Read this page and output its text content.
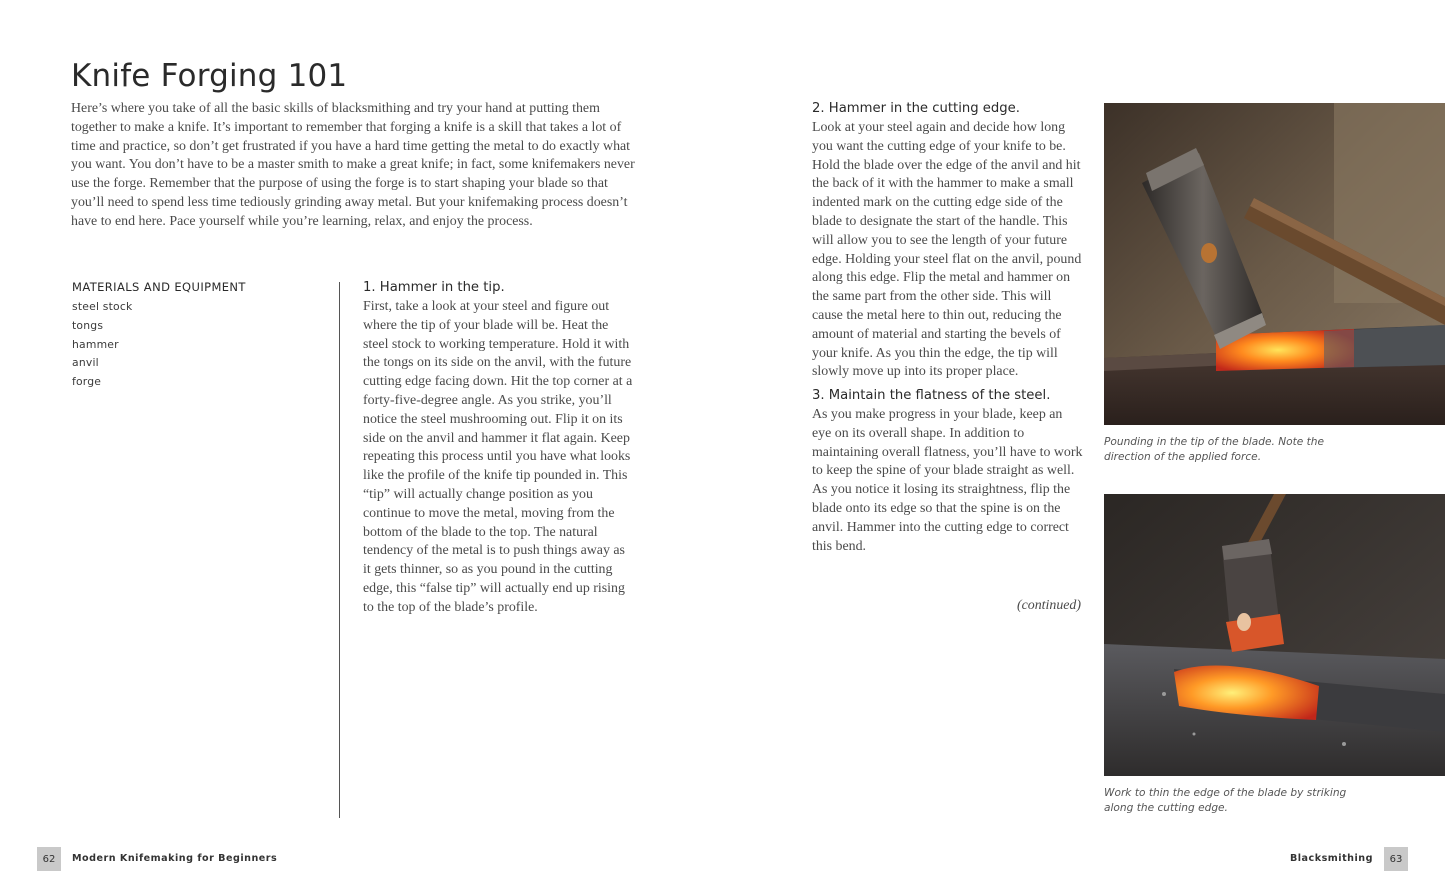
Knife Forging 101

Here’s where you take of all the basic skills of blacksmithing and try your hand at putting them together to make a knife. It’s important to remember that forging a knife is a skill that takes a lot of time and practice, so don’t get frustrated if you have a hard time getting the metal to do exactly what you want. You don’t have to be a master smith to make a great knife; in fact, some knifemakers never use the forge. Remember that the purpose of using the forge is to start shaping your blade so that you’ll need to spend less time tediously grinding away metal. But your knifemaking process doesn’t have to end here. Pace yourself while you’re learning, relax, and enjoy the process.

MATERIALS AND EQUIPMENT
steel stock
tongs
hammer
anvil
forge
1. Hammer in the tip.

First, take a look at your steel and figure out where the tip of your blade will be. Heat the steel stock to working temperature. Hold it with the tongs on its side on the anvil, with the future cutting edge facing down. Hit the top corner at a forty-five-degree angle. As you strike, you’ll notice the steel mushrooming out. Flip it on its side on the anvil and hammer it flat again. Keep repeating this process until you have what looks like the profile of the knife tip pounded in. This “tip” will actually change position as you continue to move the metal, moving from the bottom of the blade to the top. The natural tendency of the metal is to push things away as it gets thinner, so as you pound in the cutting edge, this “false tip” will actually end up rising to the top of the blade’s profile.

62	Modern Knifemaking for Beginners
2. Hammer in the cutting edge.

Look at your steel again and decide how long you want the cutting edge of your knife to be. Hold the blade over the edge of the anvil and hit the back of it with the hammer to make a small indented mark on the cutting edge side of the blade to designate the start of the handle. This will allow you to see the length of your future edge. Holding your steel flat on the anvil, pound along this edge. Flip the metal and hammer on the same part from the other side. This will cause the metal here to thin out, reducing the amount of material and starting the bevels of your knife. As you thin the edge, the tip will slowly move up into its proper place.

3. Maintain the flatness of the steel.

As you make progress in your blade, keep an eye on its overall shape. In addition to maintaining overall flatness, you’ll have to work to keep the spine of your blade straight as well. As you notice it losing its straightness, flip the blade onto its edge so that the spine is on the anvil. Hammer into the cutting edge to correct this bend.

(continued)

Pounding in the tip of the blade. Note the direction of the applied force.

Work to thin the edge of the blade by striking along the cutting edge.

Blacksmithing	63
